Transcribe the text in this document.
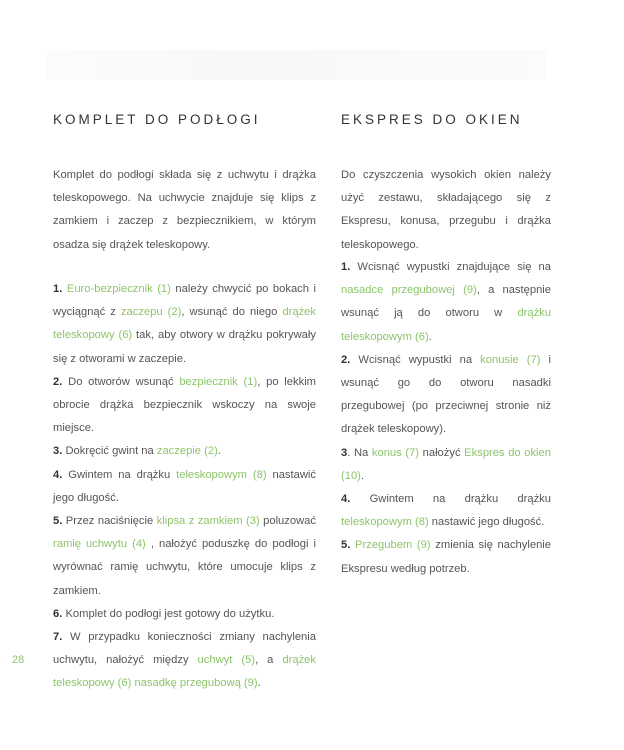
KOMPLET DO PODŁOGI	EKSPRES DO OKIEN

Komplet do podłogi składa się z uchwytu i drążka teleskopowego. Na uchwycie znajduje się klips z zamkiem i zaczep z bezpiecznikiem, w którym osadza się drążek teleskopowy.

1. Euro-bezpiecznik (1) należy chwycić po bokach i wyciągnąć z zaczepu (2), wsunąć do niego drążek teleskopowy (6) tak, aby otwory w drążku pokrywały się z otworami w zaczepie.

2. Do otworów wsunąć bezpiecznik (1), po lekkim obrocie drążka bezpiecznik wskoczy na swoje miejsce.

3. Dokręcić gwint na zaczepie (2).

4. Gwintem na drążku teleskopowym (8) nastawić jego długość.

5. Przez naciśnięcie klipsa z zamkiem (3) poluzować ramię uchwytu (4) , nałożyć poduszkę do podłogi i wyrównać ramię uchwytu, które umocuje klips z zamkiem.

6. Komplet do podłogi jest gotowy do użytku.

7. W przypadku konieczności zmiany nachylenia uchwytu, nałożyć między uchwyt (5), a drążek teleskopowy (6) nasadkę przegubową (9).

Do czyszczenia wysokich okien należy użyć zestawu, składającego się z Ekspresu, konusa, przegubu i drążka teleskopowego.

1. Wcisnąć wypustki znajdujące się na nasadce przegubowej (9), a następnie wsunąć ją do otworu w drążku teleskopowym (6).

2. Wcisnąć wypustki na konusie (7) i wsunąć go do otworu nasadki przegubowej (po przeciwnej stronie niż drążek teleskopowy).

3. Na konus (7) nałożyć Ekspres do okien (10).

4. Gwintem na drążku drążku teleskopowym (8) nastawić jego długość.

5. Przegubem (9) zmienia się nachylenie Ekspresu według potrzeb.

28
